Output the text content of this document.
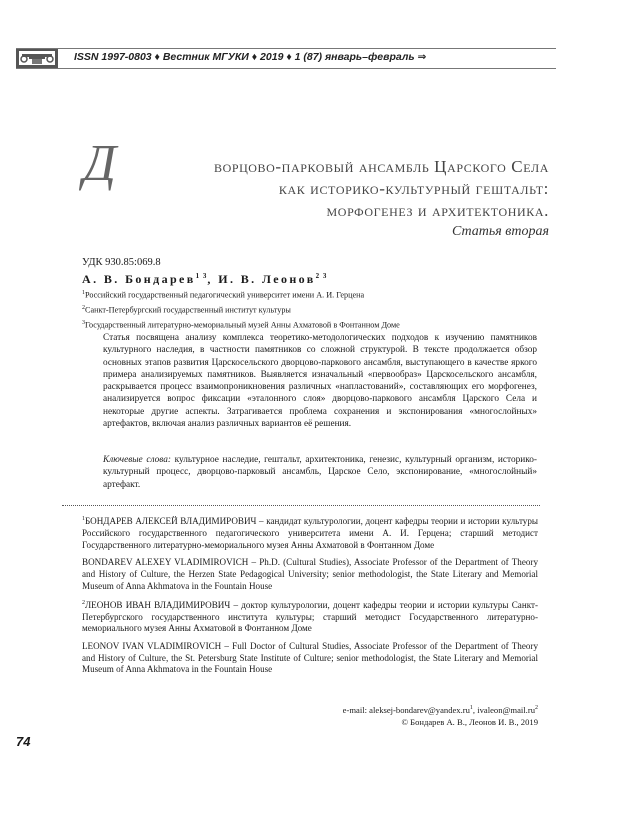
ISSN 1997-0803 ♦ Вестник МГУКИ ♦ 2019 ♦ 1 (87) январь–февраль ⇒
Д	ворцово-парковый ансамбль Царского Села
как историко-культурный гештальт:
морфогенез и архитектоника.
Статья вторая
УДК 930.85:069.8
А. В. Бондарев$^{1 3}$, И. В. Леонов$^{2 3}$
$^1$Российский государственный педагогический университет имени А. И. Герцена
$^2$Санкт-Петербургский государственный институт культуры
$^3$Государственный литературно-мемориальный музей Анны Ахматовой в Фонтанном Доме
Статья посвящена анализу комплекса теоретико-методологических подходов к изучению памятников культурного наследия, в частности памятников со сложной структурой. В тексте продолжается обзор основных этапов развития Царскосельского дворцово-паркового ансамбля, выступающего в качестве яркого примера анализируемых памятников. Выявляется изначальный «первообраз» Царскосельского ансамбля, раскрывается процесс взаимопроникновения различных «напластований», составляющих его морфогенез, анализируется вопрос фиксации «эталонного слоя» дворцово-паркового ансамбля Царского Села и некоторые другие аспекты. Затрагивается проблема сохранения и экспонирования «многослойных» артефактов, включая анализ различных вариантов её решения.
Ключевые слова: культурное наследие, гештальт, архитектоника, генезис, культурный организм, историко-культурный процесс, дворцово-парковый ансамбль, Царское Село, экспонирование, «многослойный» артефакт.
$^1$БОНДАРЕВ АЛЕКСЕЙ ВЛАДИМИРОВИЧ – кандидат культурологии, доцент кафедры теории и истории культуры Российского государственного педагогического университета имени А. И. Герцена; старший методист Государственного литературно-мемориального музея Анны Ахматовой в Фонтанном Доме
BONDAREV ALEXEY VLADIMIROVICH – Ph.D. (Cultural Studies), Associate Professor of the Department of Theory and History of Culture, the Herzen State Pedagogical University; senior methodologist, the State Literary and Memorial Museum of Anna Akhmatova in the Fountain House
$^2$ЛЕОНОВ ИВАН ВЛАДИМИРОВИЧ – доктор культурологии, доцент кафедры теории и истории культуры Санкт-Петербургского государственного института культуры; старший методист Государственного литературно-мемориального музея Анны Ахматовой в Фонтанном Доме
LEONOV IVAN VLADIMIROVICH – Full Doctor of Cultural Studies, Associate Professor of the Department of Theory and History of Culture, the St. Petersburg State Institute of Culture; senior methodologist, the State Literary and Memorial Museum of Anna Akhmatova in the Fountain House
e-mail: aleksej-$bondarev@yandex.ru^1$, $ivaleon@mail.ru^2$
© Бондарев А. В., Леонов И. В., 2019
74
